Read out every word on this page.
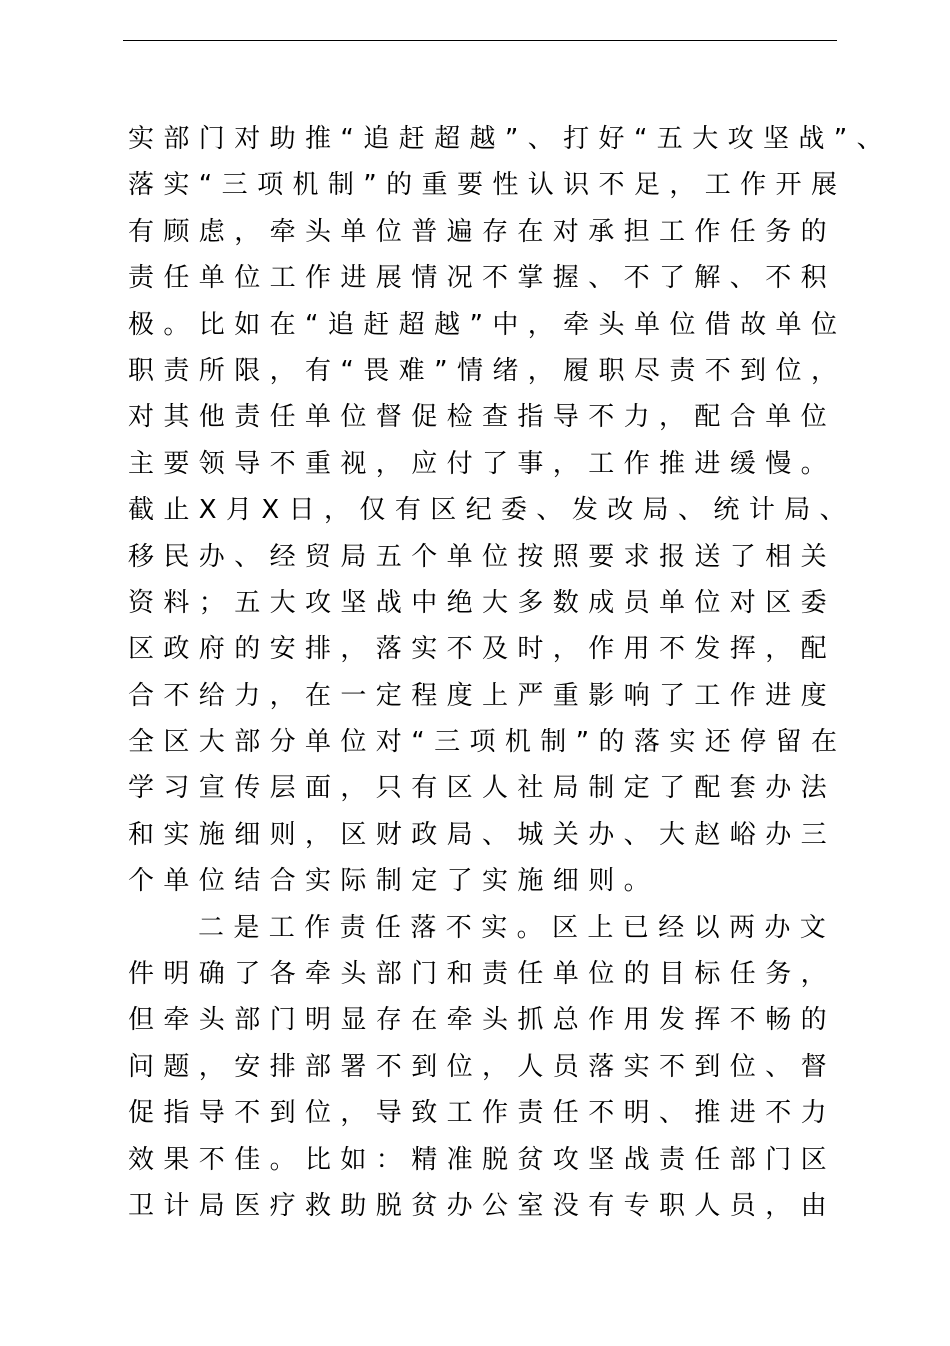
实部门对助推“追赶超越”、打好“五大攻坚战”、
落实“三项机制”的重要性认识不足，工作开展
有顾虑，牵头单位普遍存在对承担工作任务的
责任单位工作进展情况不掌握、不了解、不积
极。比如在“追赶超越”中，牵头单位借故单位
职责所限，有“畏难”情绪，履职尽责不到位，
对其他责任单位督促检查指导不力，配合单位
主要领导不重视，应付了事，工作推进缓慢。
截止X月X日，仅有区纪委、发改局、统计局、
移民办、经贸局五个单位按照要求报送了相关
资料；五大攻坚战中绝大多数成员单位对区委
区政府的安排，落实不及时，作用不发挥，配
合不给力，在一定程度上严重影响了工作进度
全区大部分单位对“三项机制”的落实还停留在
学习宣传层面，只有区人社局制定了配套办法
和实施细则，区财政局、城关办、大赵峪办三
个单位结合实际制定了实施细则。
二是工作责任落不实。区上已经以两办文
件明确了各牵头部门和责任单位的目标任务，
但牵头部门明显存在牵头抓总作用发挥不畅的
问题，安排部署不到位，人员落实不到位、督
促指导不到位，导致工作责任不明、推进不力
效果不佳。比如：精准脱贫攻坚战责任部门区
卫计局医疗救助脱贫办公室没有专职人员，由
